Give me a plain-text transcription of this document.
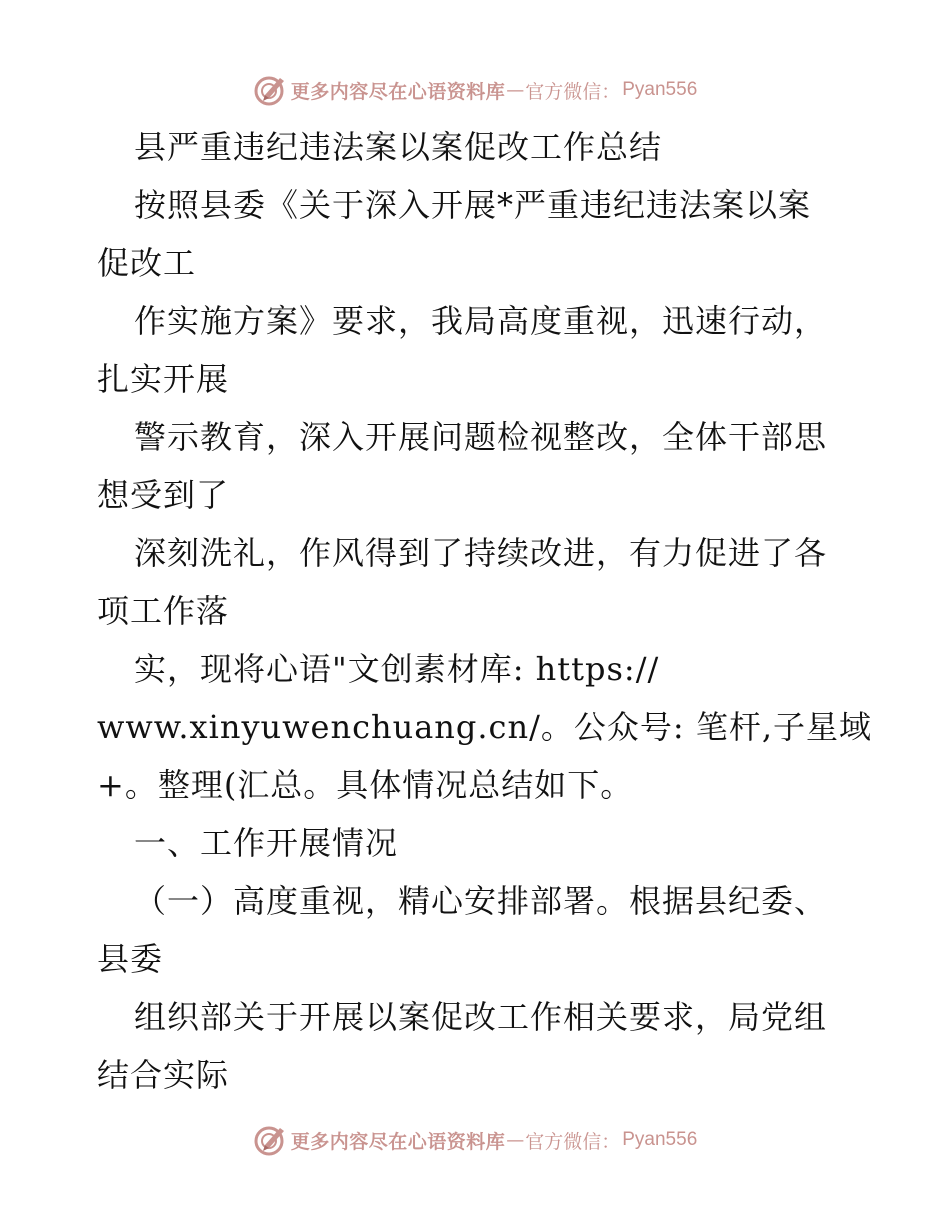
更多内容尽在心语资料库 — 官方微信： Pyan556
县严重违纪违法案以案促改工作总结
按照县委《关于深入开展*严重违纪违法案以案
促改工
作实施方案》要求，我局高度重视，迅速行动，
扎实开展
警示教育，深入开展问题检视整改，全体干部思
想受到了
深刻洗礼，作风得到了持续改进，有力促进了各
项工作落
实，现将心语"文创素材库: https://
www.xinyuwenchuang.cn/。公众号: 笔杆,子星域
+。整理(汇总。具体情况总结如下。
一、工作开展情况
（一）高度重视，精心安排部署。根据县纪委、
县委
组织部关于开展以案促改工作相关要求，局党组
结合实际
更多内容尽在心语资料库 — 官方微信： Pyan556
